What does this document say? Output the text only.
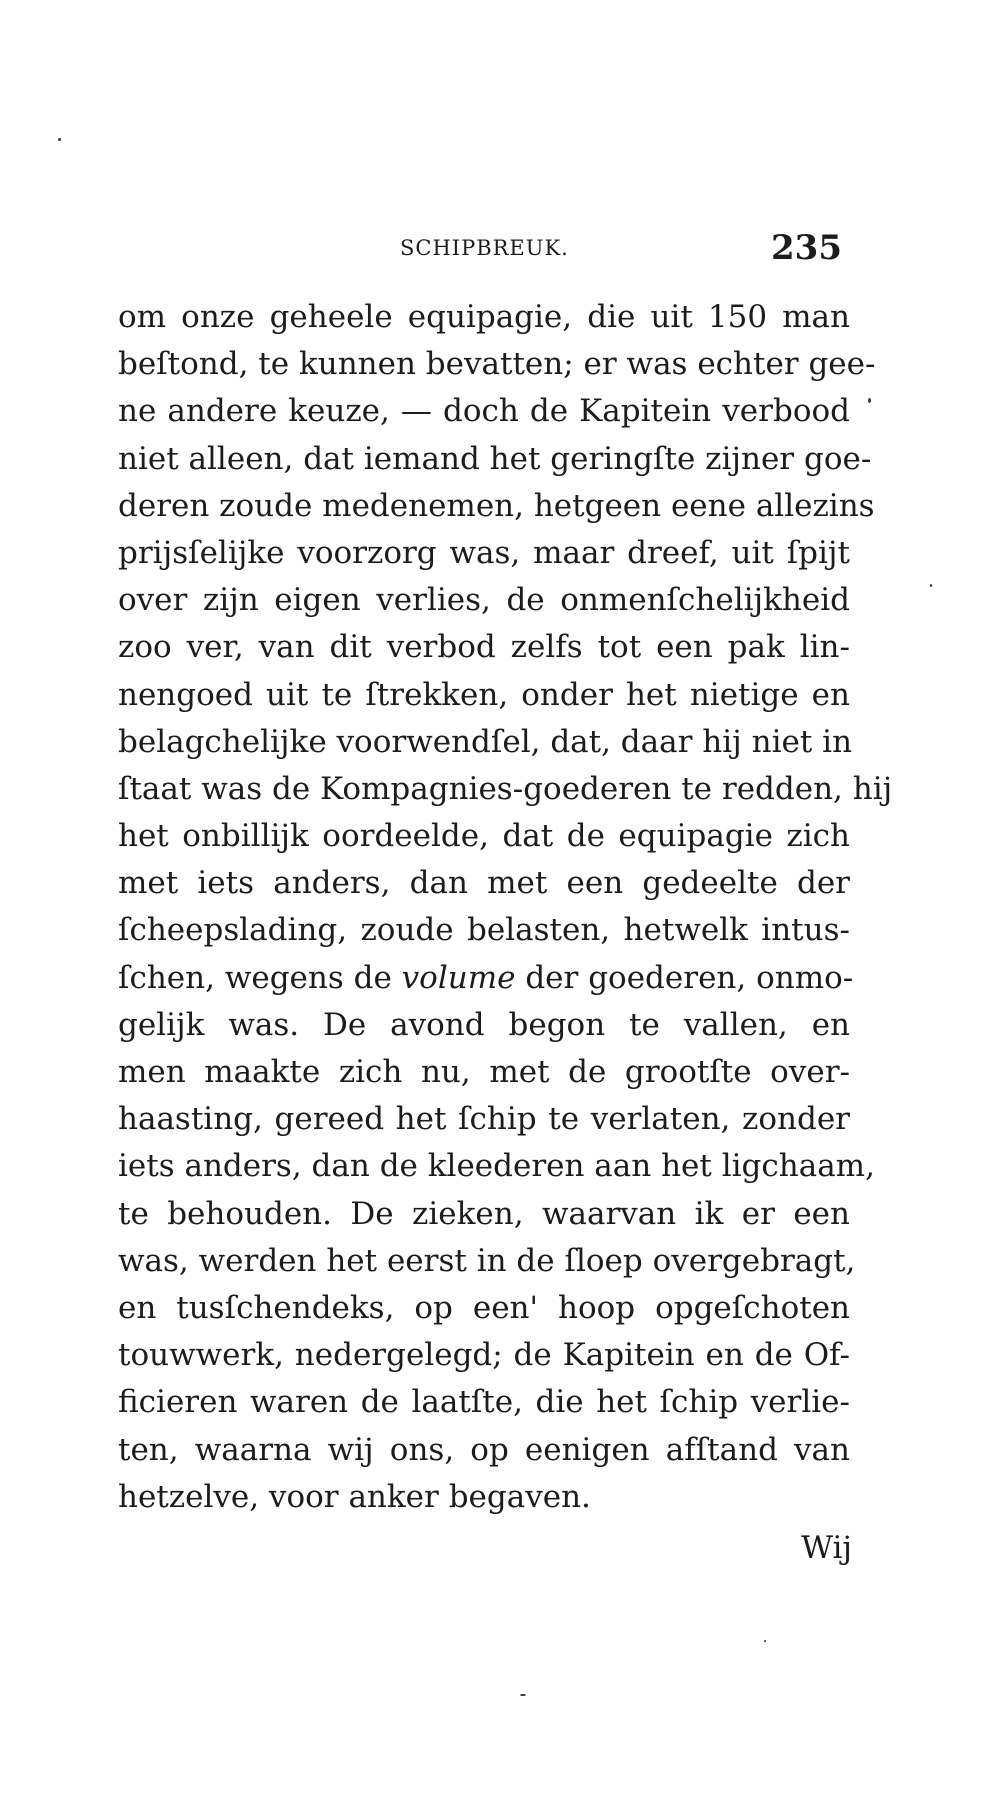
SCHIPBREUK.	235
om onze geheele equipagie, die uit 150 man
beſtond, te kunnen bevatten; er was echter gee-
ne andere keuze, — doch de Kapitein verbood
niet alleen, dat iemand het geringſte zijner goe-
deren zoude medenemen, hetgeen eene allezins
prijsſelijke voorzorg was, maar dreef, uit ſpijt
over zijn eigen verlies, de onmenſchelijkheid
zoo ver, van dit verbod zelfs tot een pak lin-
nengoed uit te ſtrekken, onder het nietige en
belagchelijke voorwendſel, dat, daar hij niet in
ſtaat was de Kompagnies-goederen te redden, hij
het onbillijk oordeelde, dat de equipagie zich
met iets anders, dan met een gedeelte der
ſcheepslading, zoude belasten, hetwelk intus-
ſchen, wegens de volume der goederen, onmo-
gelijk was. De avond begon te vallen, en
men maakte zich nu, met de grootſte over-
haasting, gereed het ſchip te verlaten, zonder
iets anders, dan de kleederen aan het ligchaam,
te behouden. De zieken, waarvan ik er een
was, werden het eerst in de ſloep overgebragt,
en tusſchendeks, op een' hoop opgeſchoten
touwwerk, nedergelegd; de Kapitein en de Of-
ficieren waren de laatſte, die het ſchip verlie-
ten, waarna wij ons, op eenigen afſtand van
hetzelve, voor anker begaven.
Wij
